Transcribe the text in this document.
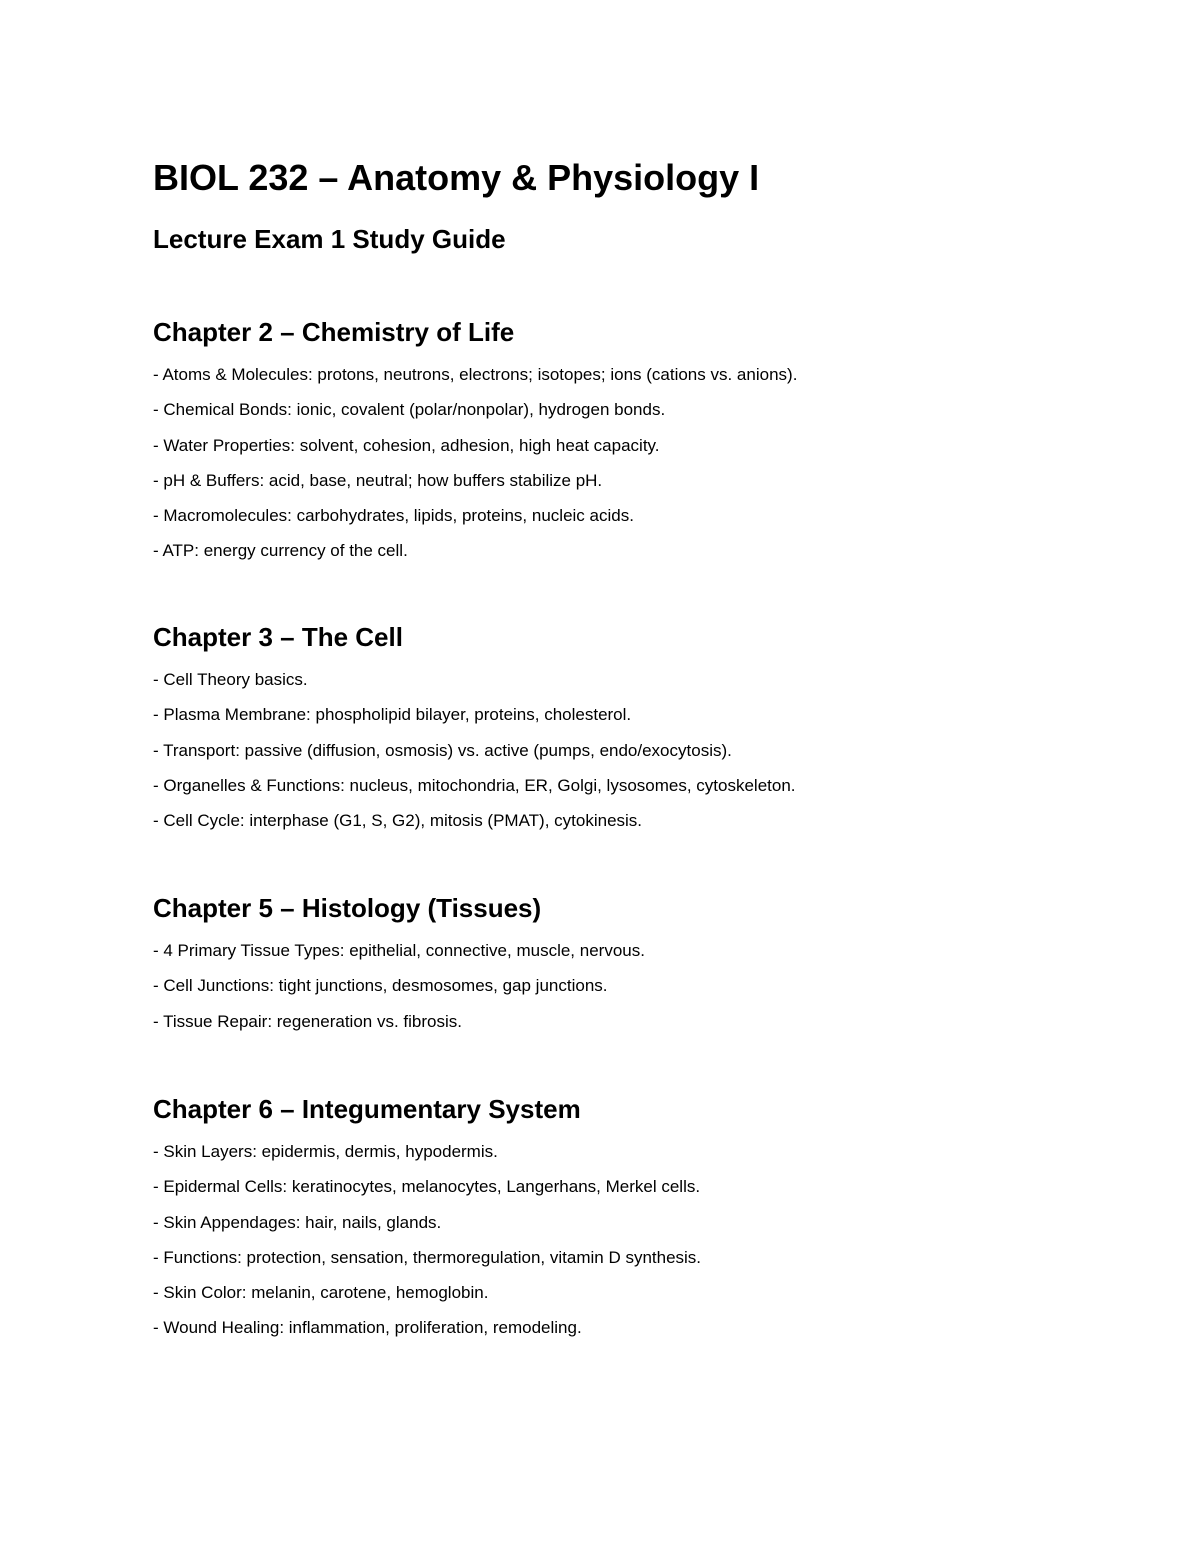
BIOL 232 – Anatomy & Physiology I
Lecture Exam 1 Study Guide
Chapter 2 – Chemistry of Life
- Atoms & Molecules: protons, neutrons, electrons; isotopes; ions (cations vs. anions).
- Chemical Bonds: ionic, covalent (polar/nonpolar), hydrogen bonds.
- Water Properties: solvent, cohesion, adhesion, high heat capacity.
- pH & Buffers: acid, base, neutral; how buffers stabilize pH.
- Macromolecules: carbohydrates, lipids, proteins, nucleic acids.
- ATP: energy currency of the cell.
Chapter 3 – The Cell
- Cell Theory basics.
- Plasma Membrane: phospholipid bilayer, proteins, cholesterol.
- Transport: passive (diffusion, osmosis) vs. active (pumps, endo/exocytosis).
- Organelles & Functions: nucleus, mitochondria, ER, Golgi, lysosomes, cytoskeleton.
- Cell Cycle: interphase (G1, S, G2), mitosis (PMAT), cytokinesis.
Chapter 5 – Histology (Tissues)
- 4 Primary Tissue Types: epithelial, connective, muscle, nervous.
- Cell Junctions: tight junctions, desmosomes, gap junctions.
- Tissue Repair: regeneration vs. fibrosis.
Chapter 6 – Integumentary System
- Skin Layers: epidermis, dermis, hypodermis.
- Epidermal Cells: keratinocytes, melanocytes, Langerhans, Merkel cells.
- Skin Appendages: hair, nails, glands.
- Functions: protection, sensation, thermoregulation, vitamin D synthesis.
- Skin Color: melanin, carotene, hemoglobin.
- Wound Healing: inflammation, proliferation, remodeling.
